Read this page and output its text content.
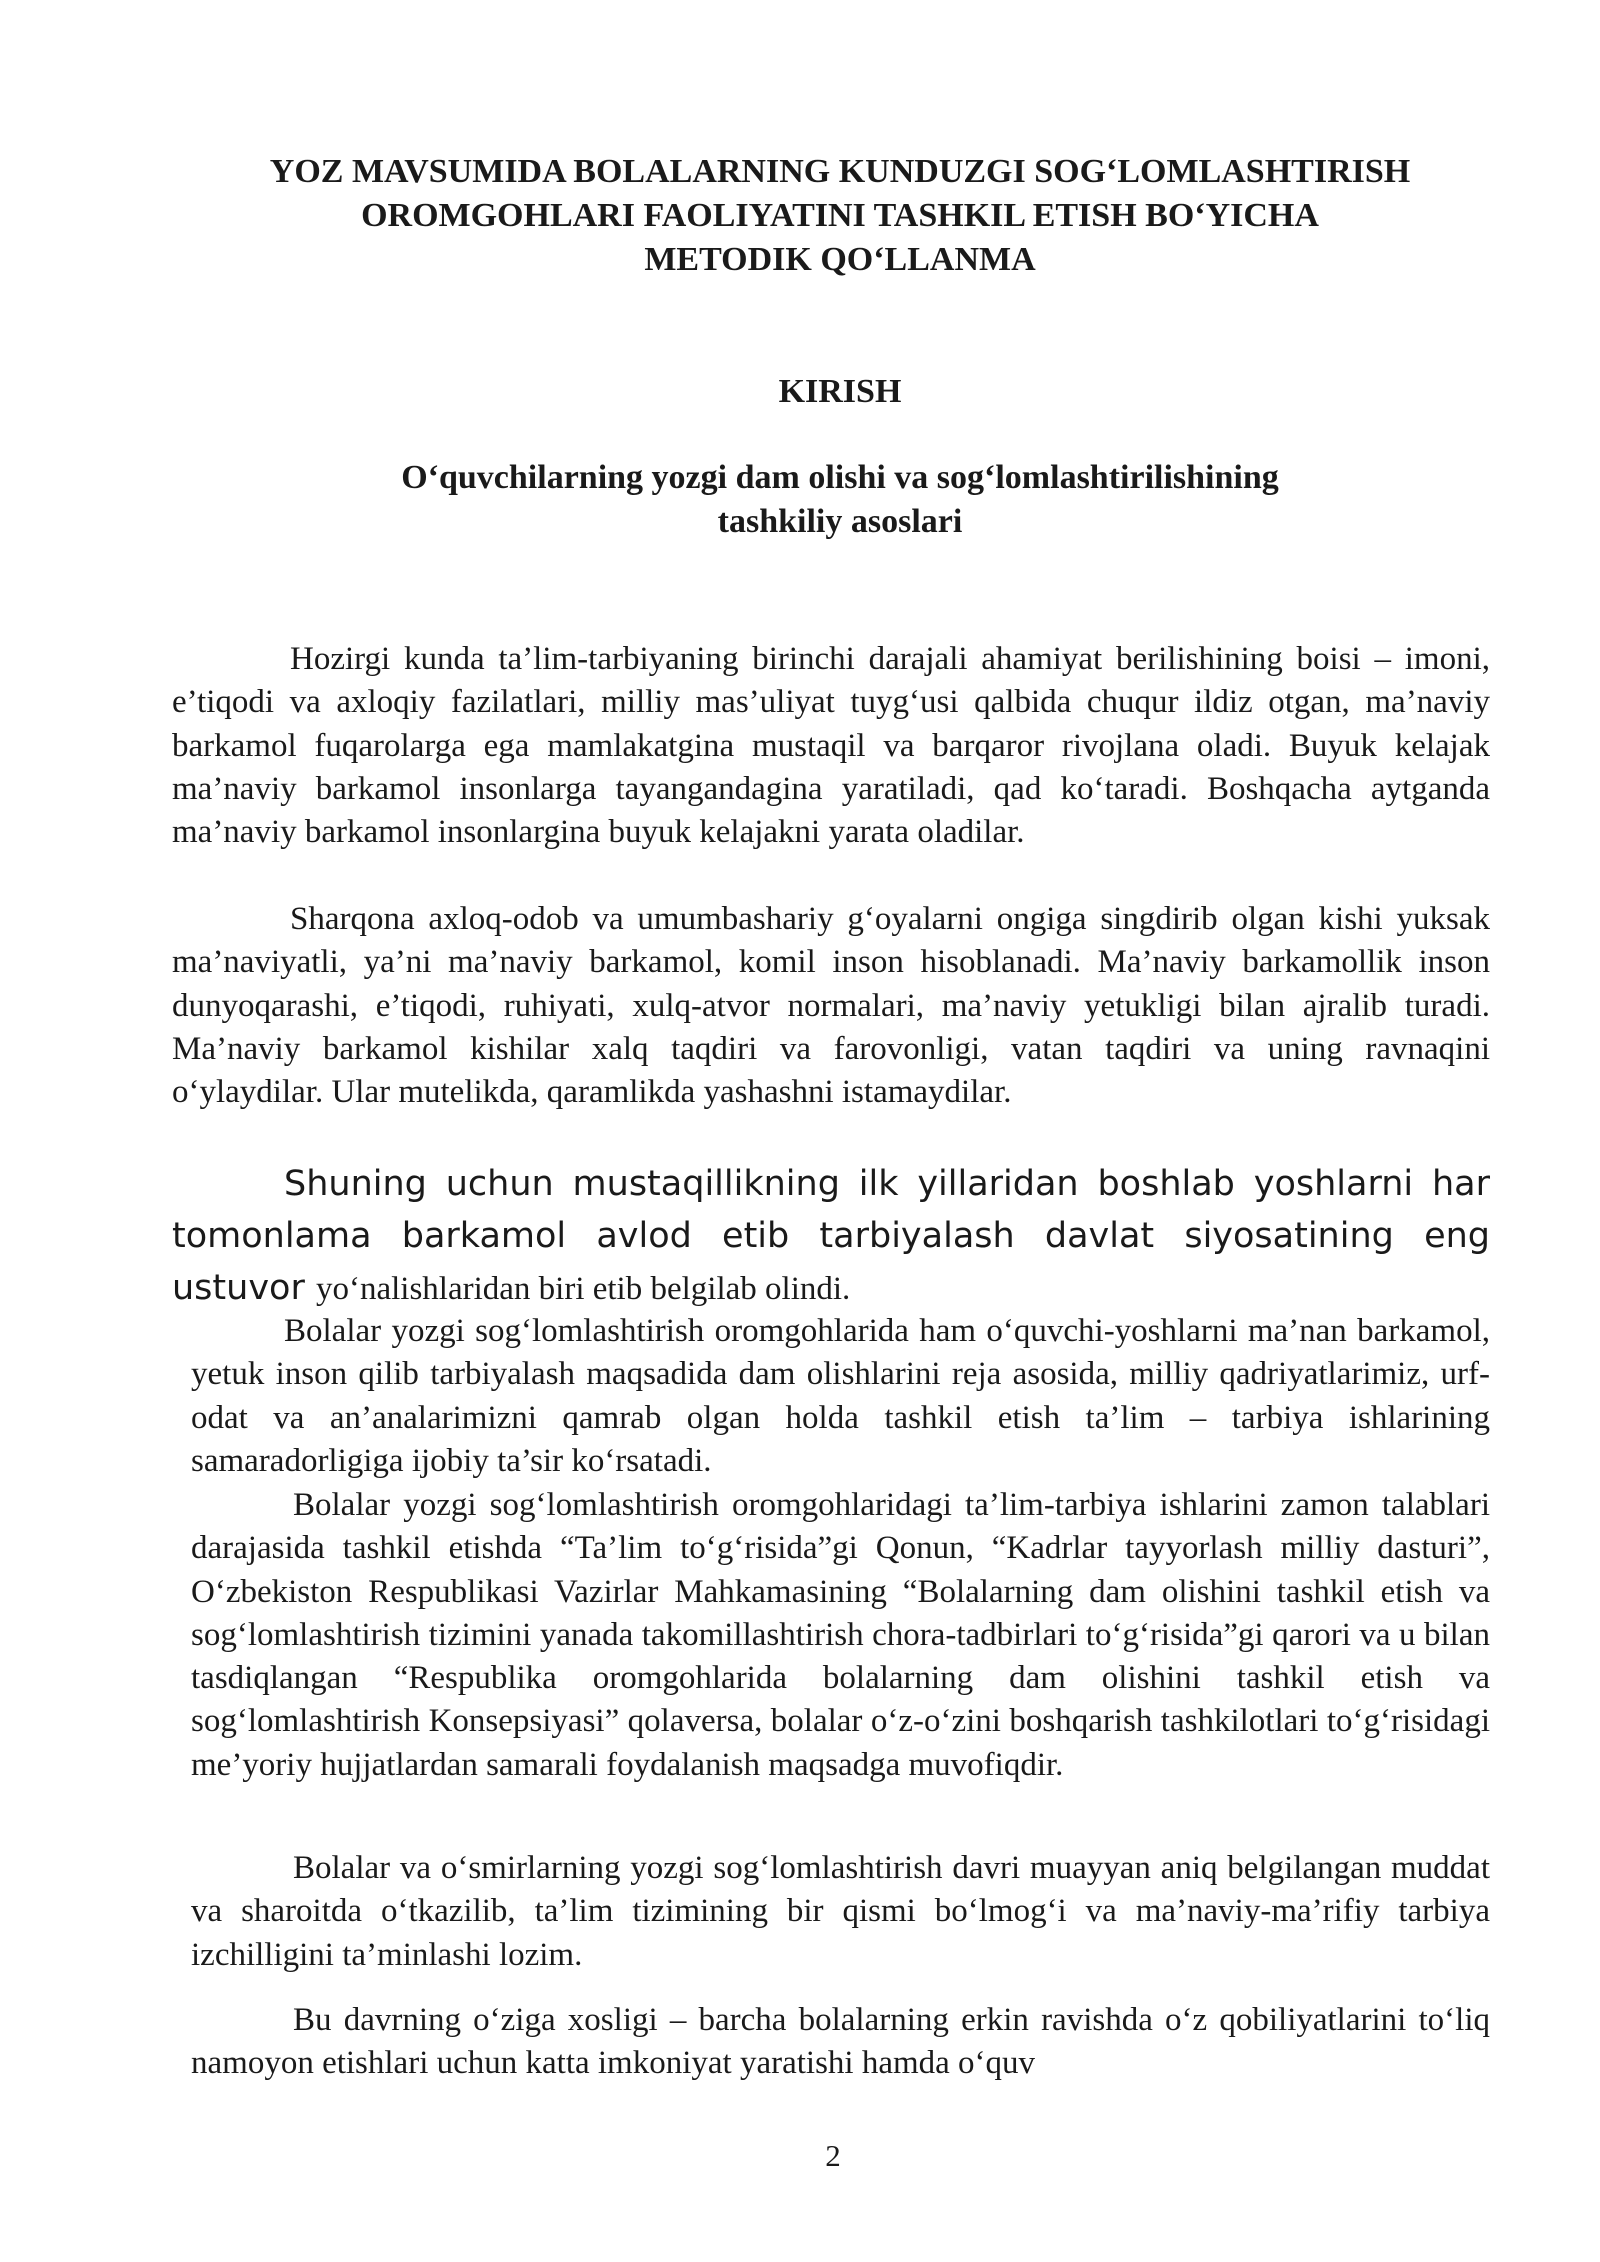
YOZ MAVSUMIDA BOLALARNING KUNDUZGI SOG‘LOMLASHTIRISH
OROMGOHLARI FAOLIYATINI TASHKIL ETISH BO‘YICHA
METODIK QO‘LLANMA
KIRISH
O‘quvchilarning yozgi dam olishi va sog‘lomlashtirilishining
tashkiliy asoslari

Hozirgi kunda ta’lim-tarbiyaning birinchi darajali ahamiyat berilishining boisi – imoni, e’tiqodi va axloqiy fazilatlari, milliy mas’uliyat tuyg‘usi qalbida chuqur ildiz otgan, ma’naviy barkamol fuqarolarga ega mamlakatgina mustaqil va barqaror rivojlana oladi. Buyuk kelajak ma’naviy barkamol insonlarga tayangandagina yaratiladi, qad ko‘taradi. Boshqacha aytganda ma’naviy barkamol insonlargina buyuk kelajakni yarata oladilar.

Sharqona axloq-odob va umumbashariy g‘oyalarni ongiga singdirib olgan kishi yuksak ma’naviyatli, ya’ni ma’naviy barkamol, komil inson hisoblanadi. Ma’naviy barkamollik inson dunyoqarashi, e’tiqodi, ruhiyati, xulq-atvor normalari, ma’naviy yetukligi bilan ajralib turadi. Ma’naviy barkamol kishilar xalq taqdiri va farovonligi, vatan taqdiri va uning ravnaqini o‘ylaydilar. Ular mutelikda, qaramlikda yashashni istamaydilar.

Shuning uchun mustaqillikning ilk yillaridan boshlab yoshlarni har tomonlama barkamol avlod etib tarbiyalash davlat siyosatining eng ustuvor yo‘nalishlaridan biri etib belgilab olindi.

Bolalar yozgi sog‘lomlashtirish oromgohlarida ham o‘quvchi-yoshlarni ma’nan barkamol, yetuk inson qilib tarbiyalash maqsadida dam olishlarini reja asosida, milliy qadriyatlarimiz, urf-odat va an’analarimizni qamrab olgan holda tashkil etish ta’lim – tarbiya ishlarining samaradorligiga ijobiy ta’sir ko‘rsatadi.

Bolalar yozgi sog‘lomlashtirish oromgohlaridagi ta’lim-tarbiya ishlarini zamon talablari darajasida tashkil etishda “Ta’lim to‘g‘risida”gi Qonun, “Kadrlar tayyorlash milliy dasturi”, O‘zbekiston Respublikasi Vazirlar Mahkamasining “Bolalarning dam olishini tashkil etish va sog‘lomlashtirish tizimini yanada takomillashtirish chora-tadbirlari to‘g‘risida”gi qarori va u bilan tasdiqlangan “Respublika oromgohlarida bolalarning dam olishini tashkil etish va sog‘lomlashtirish Konsepsiyasi” qolaversa, bolalar o‘z-o‘zini boshqarish tashkilotlari to‘g‘risidagi me’yoriy hujjatlardan samarali foydalanish maqsadga muvofiqdir.

Bolalar va o‘smirlarning yozgi sog‘lomlashtirish davri muayyan aniq belgilangan muddat va sharoitda o‘tkazilib, ta’lim tizimining bir qismi bo‘lmog‘i va ma’naviy-ma’rifiy tarbiya izchilligini ta’minlashi lozim.

Bu davrning o‘ziga xosligi – barcha bolalarning erkin ravishda o‘z qobiliyatlarini to‘liq namoyon etishlari uchun katta imkoniyat yaratishi hamda o‘quv

2
